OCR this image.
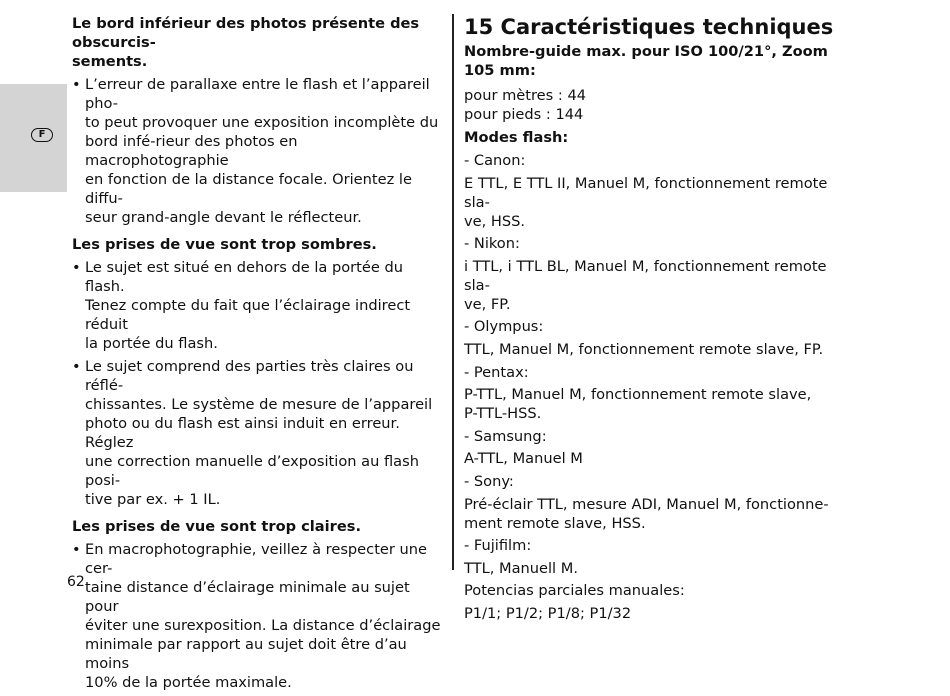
F

Le bord inférieur des photos présente des obscurcis-
sements.

• L’erreur de parallaxe entre le flash et l’appareil pho-
to peut provoquer une exposition incomplète du
bord infé-rieur des photos en macrophotographie
en fonction de la distance focale. Orientez le diffu-
seur grand-angle devant le réflecteur.

Les prises de vue sont trop sombres.

• Le sujet est situé en dehors de la portée du flash.
Tenez compte du fait que l’éclairage indirect réduit
la portée du flash.

• Le sujet comprend des parties très claires ou réflé-
chissantes. Le système de mesure de l’appareil
photo ou du flash est ainsi induit en erreur. Réglez
une correction manuelle d’exposition au flash posi-
tive par ex. + 1 IL.

Les prises de vue sont trop claires.

• En macrophotographie, veillez à respecter une cer-
taine distance d’éclairage minimale au sujet pour
éviter une surexposition. La distance d’éclairage
minimale par rapport au sujet doit être d’au moins
10% de la portée maximale.

15 Caractéristiques techniques

Nombre-guide max. pour ISO 100/21°, Zoom 105 mm:

pour mètres : 44
pour pieds : 144

Modes flash:

- Canon:

E TTL, E TTL II, Manuel M, fonctionnement remote sla-
ve, HSS.

- Nikon:

i TTL, i TTL BL, Manuel M, fonctionnement remote sla-
ve, FP.

- Olympus:

TTL, Manuel M, fonctionnement remote slave, FP.

- Pentax:

P-TTL, Manuel M, fonctionnement remote slave,
P-TTL-HSS.

- Samsung:

A-TTL, Manuel M

- Sony:

Pré-éclair TTL, mesure ADI, Manuel M, fonctionne-
ment remote slave, HSS.

- Fujifilm:

TTL, Manuell M.

Potencias parciales manuales:

P1/1; P1/2; P1/8; P1/32

62
